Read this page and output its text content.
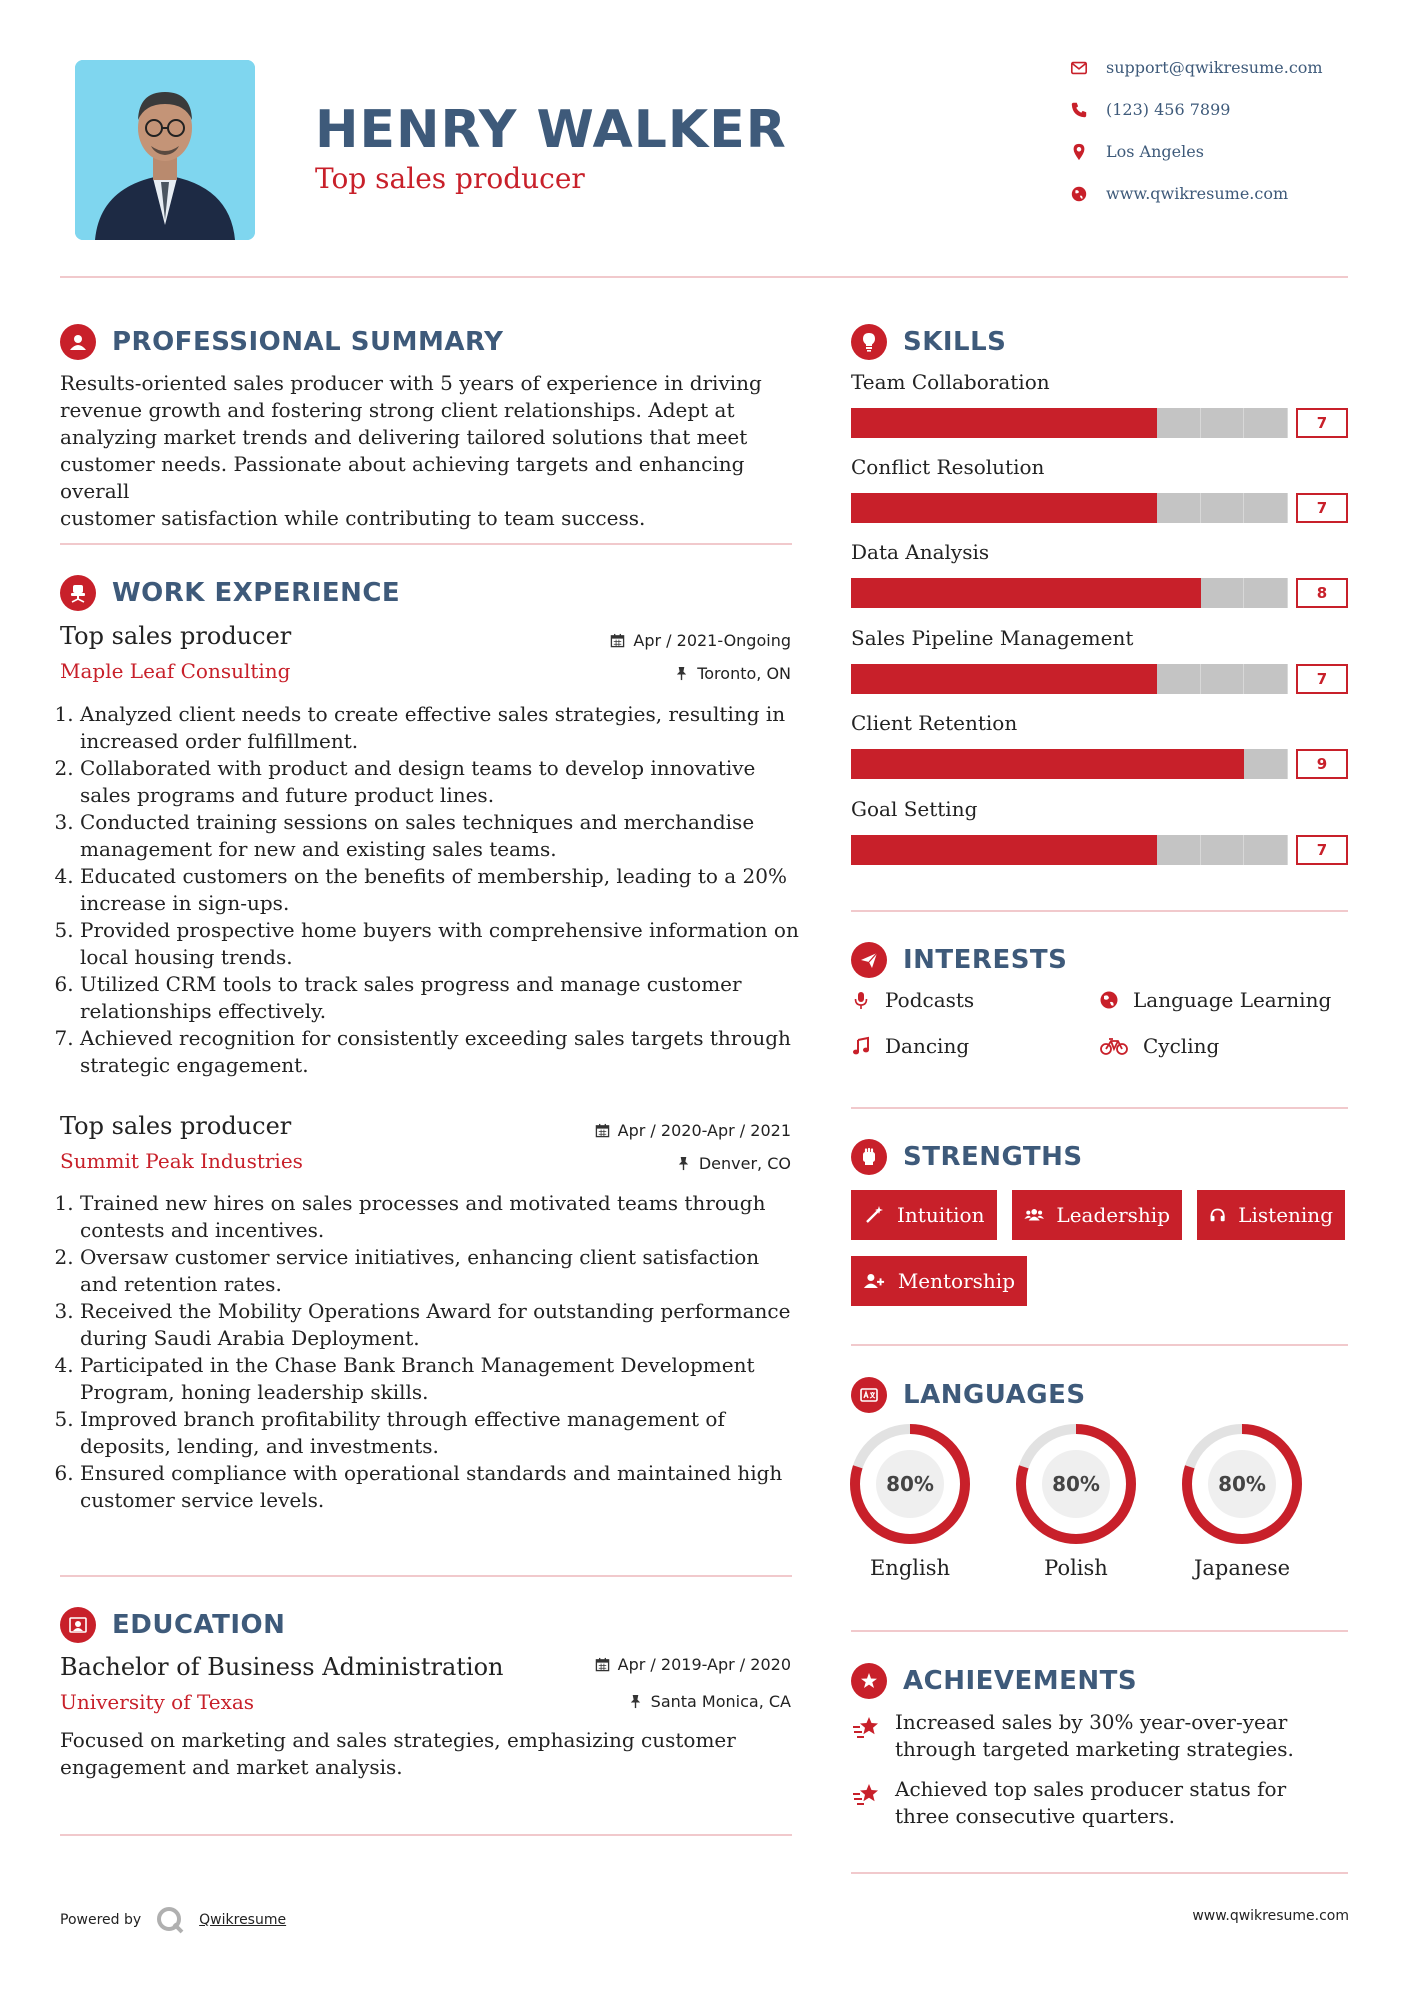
HENRY WALKER
Top sales producer
support@qwikresume.com
(123) 456 7899
Los Angeles
www.qwikresume.com
PROFESSIONAL SUMMARY
Results-oriented sales producer with 5 years of experience in driving
revenue growth and fostering strong client relationships. Adept at
analyzing market trends and delivering tailored solutions that meet
customer needs. Passionate about achieving targets and enhancing overall
customer satisfaction while contributing to team success.
WORK EXPERIENCE
Top sales producer
Maple Leaf Consulting
Apr / 2021-Ongoing
Toronto, ON
1. Analyzed client needs to create effective sales strategies, resulting in increased order fulfillment.
2. Collaborated with product and design teams to develop innovative sales programs and future product lines.
3. Conducted training sessions on sales techniques and merchandise management for new and existing sales teams.
4. Educated customers on the benefits of membership, leading to a 20% increase in sign-ups.
5. Provided prospective home buyers with comprehensive information on local housing trends.
6. Utilized CRM tools to track sales progress and manage customer relationships effectively.
7. Achieved recognition for consistently exceeding sales targets through strategic engagement.
Top sales producer
Summit Peak Industries
Apr / 2020-Apr / 2021
Denver, CO
1. Trained new hires on sales processes and motivated teams through contests and incentives.
2. Oversaw customer service initiatives, enhancing client satisfaction and retention rates.
3. Received the Mobility Operations Award for outstanding performance during Saudi Arabia Deployment.
4. Participated in the Chase Bank Branch Management Development Program, honing leadership skills.
5. Improved branch profitability through effective management of deposits, lending, and investments.
6. Ensured compliance with operational standards and maintained high customer service levels.
EDUCATION
Bachelor of Business Administration
University of Texas
Apr / 2019-Apr / 2020
Santa Monica, CA
Focused on marketing and sales strategies, emphasizing customer engagement and market analysis.
SKILLS
Team Collaboration
7
Conflict Resolution
7
Data Analysis
8
Sales Pipeline Management
7
Client Retention
9
Goal Setting
7
INTERESTS
Podcasts	Language Learning
Dancing	Cycling
STRENGTHS
Intuition	Leadership	Listening
Mentorship
LANGUAGES
80%
English
80%
Polish
80%
Japanese
ACHIEVEMENTS
Increased sales by 30% year-over-year through targeted marketing strategies.
Achieved top sales producer status for three consecutive quarters.
Powered by	Qwikresume	www.qwikresume.com
